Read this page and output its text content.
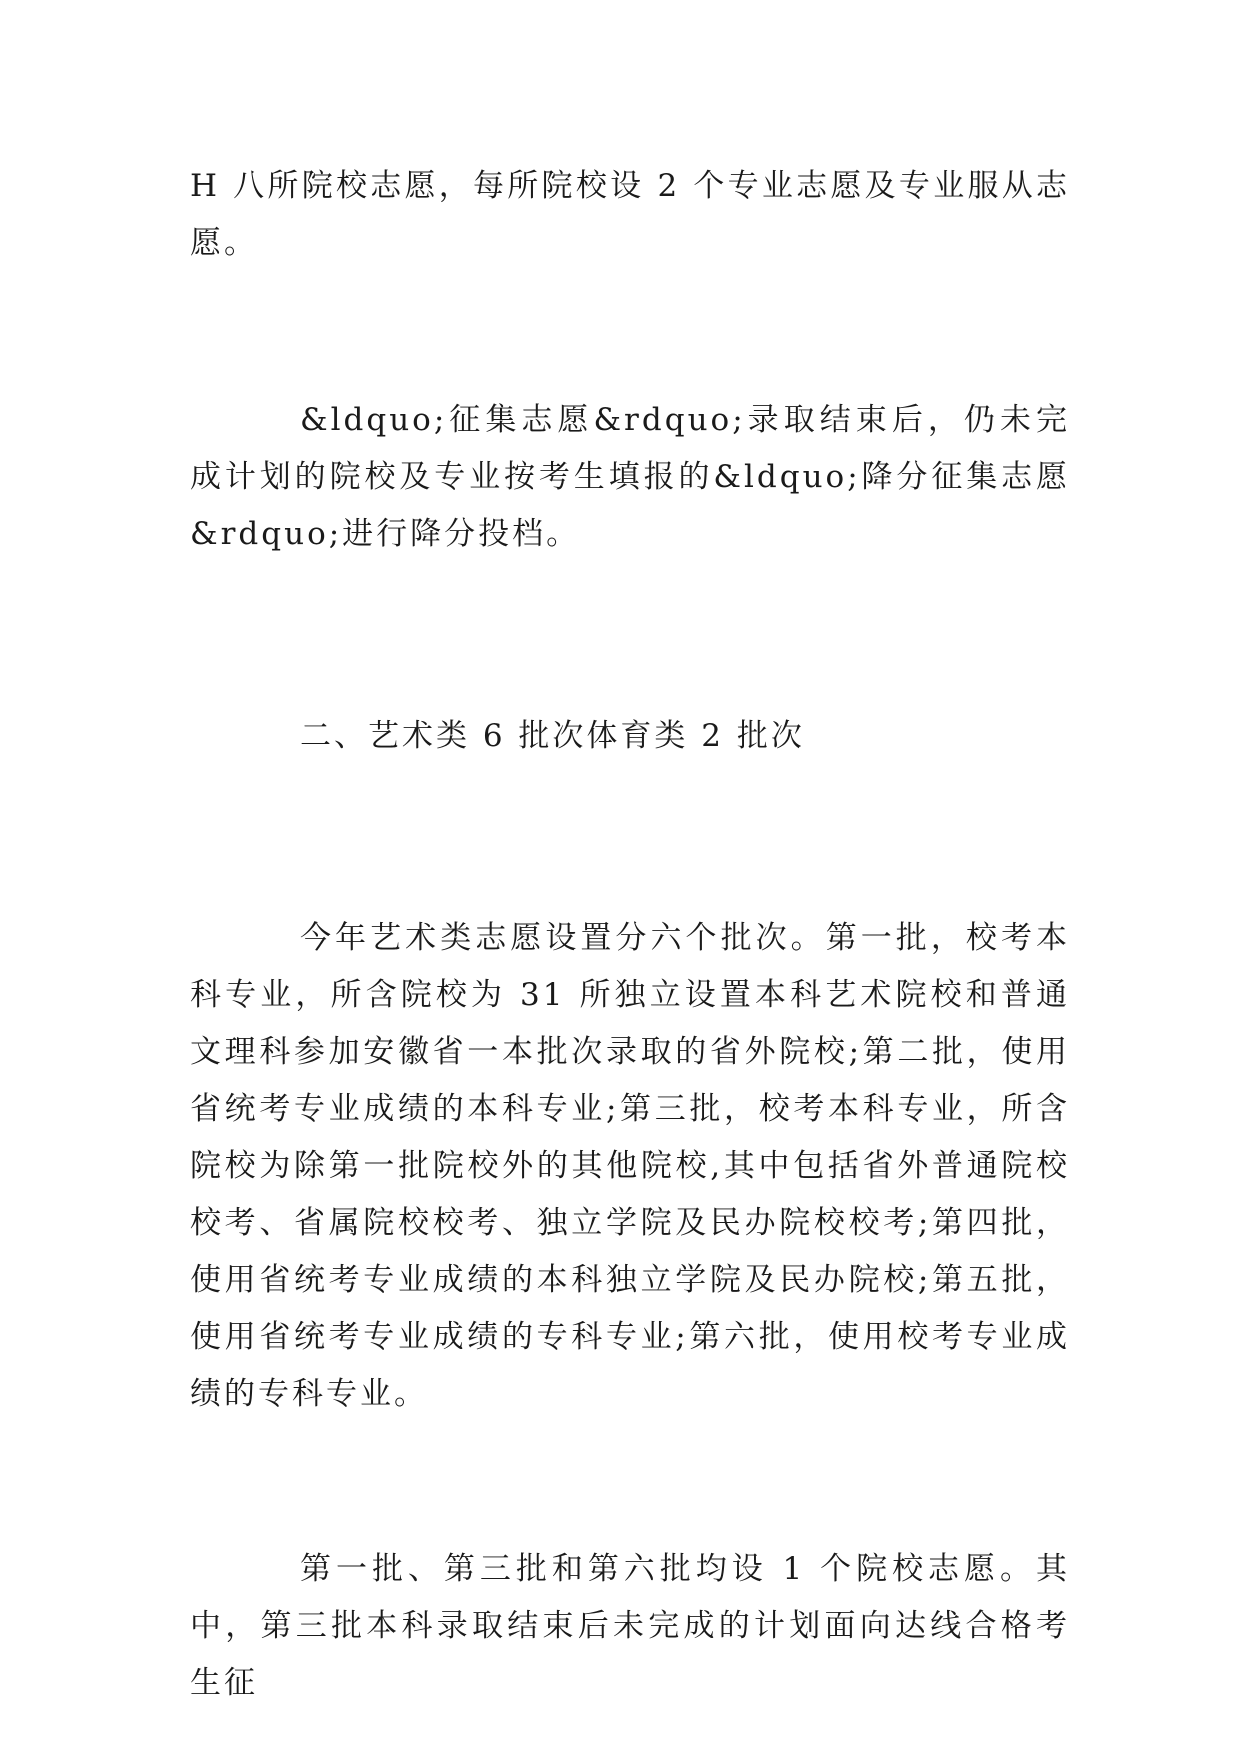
H 八所院校志愿，每所院校设 2 个专业志愿及专业服从志愿。

&ldquo;征集志愿&rdquo;录取结束后，仍未完成计划的院校及专业按考生填报的&ldquo;降分征集志愿&rdquo;进行降分投档。

二、艺术类 6 批次体育类 2 批次

今年艺术类志愿设置分六个批次。第一批，校考本科专业，所含院校为 31 所独立设置本科艺术院校和普通文理科参加安徽省一本批次录取的省外院校;第二批，使用省统考专业成绩的本科专业;第三批，校考本科专业，所含院校为除第一批院校外的其他院校,其中包括省外普通院校校考、省属院校校考、独立学院及民办院校校考;第四批，使用省统考专业成绩的本科独立学院及民办院校;第五批，使用省统考专业成绩的专科专业;第六批，使用校考专业成绩的专科专业。

第一批、第三批和第六批均设 1 个院校志愿。其中，第三批本科录取结束后未完成的计划面向达线合格考生征
